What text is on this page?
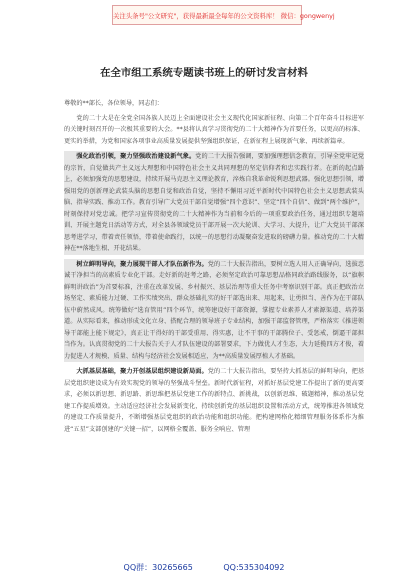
关注头条号"公文研究"，获得最新最全每年的公文资料库！ 微信：gongwenyj
在全市组工系统专题读书班上的研讨发言材料

尊敬的**部长，各位领导，同志们：

党的二十大是在全党全国各族人民迈上全面建设社会主义现代化国家新征程、向第二个百年奋斗目标进军的关键时刻召开的一次极其重要的大会。**县将认真学习贯彻党的二十大精神作为首要任务，以更高的标准、更实的举措，为党和国家各项事业高质量发展提供坚强组织保证，在新征程上展现新气象、再续新篇章。

强化政治引领，聚力坚强政治建设新气象。党的二十大报告强调，要加强理想信念教育，引导全党牢记党的宗旨，自觉做共产主义远大理想和中国特色社会主义共同理想的坚定信仰者和忠实践行者。在新的起点路上，必须加强党的思想建设，持续开展马克思主义理论教育，淬炼自我革命锐利思想武器。强化思想引领，增强用党的创新理论武装头脑的思想自觉和政治自觉，坚持不懈用习近平新时代中国特色社会主义思想武装头脑、指导实践、推动工作。教育引导广大党员干部自觉增强“四个意识”、坚定“四个自信”、做到“两个维护”，时刻保持对党忠诚。把学习宣传贯彻党的二十大精神作为当前和今后的一项重要政治任务，通过组织专题培训、开展主题党日活动等方式，对全县各领域党员干部开展一次大轮训、大学习、大提升，让广大党员干部深思考进学习，带着责任领悟，带着使命践行，以统一的思想行动凝聚奋发进取的磅礴力量。推动党的二十大精神在**落地生根、开花结果。

树立鲜明导向，聚力展现干部人才队伍新作为。党的二十大报告指出，要树立选人用人正确导向，选拔忠诚干净担当的高素质专业化干部。走好新的赶考之路，必须坚定政治可靠思想品格同政治路线服务，以“旗帜鲜明讲政治”为首要标准，注重在改革发展、乡村振兴、基层治理等重大任务中考察识别干部。真正把政治立场坚定、素质能力过硬、工作实绩突出、群众基础扎实的好干部选出来、用起来，让勇担当、善作为在干部队伍中蔚然成风。统筹做好“选育管用”四个环节，统筹建设好干部资源，掌握专业素养人才素源渠道、培养渠道。从实际看来，推动形成文化立身、搭配合理的领导班子专业结构，加强干部监督管理，严格落实《推进领导干部能上能下规定》，真正让干得好的干部受重用、得实惠，让不干事的干部腾位子、受惩戒，倒逼干部担当作为。认真贯彻党的二十大报告关于人才队伍建设的部署要求，下力做优人才生态，大力延揽四方才俊，着力促进人才规模、质量、结构与经济社会发展相适应，为**高质量发展厚植人才基础。

大抓基层基础，聚力开创基层组织建设新局面。党的二十大报告指出，要坚持大抓基层的鲜明导向，把基层党组织建设成为有效实现党的领导的坚强战斗堡垒。新时代新征程，对抓好基层党建工作提出了新的更高要求，必须以新思想、新思路、新思维把基层党建工作的新特点、新挑战，以创新思维、破题精神，推动基层党建工作提质增效。主动适应经济社会发展新变化，持续创新党的基层组织设置和活动方式，统筹推进各领域党的建设工作质量提升，不断增强基层党组织的政治功能和组织功能。把构建网格化精细管理服务体系作为推进“五星”支部创建的“关键一招”，以网格全覆盖、服务全响应、管理

QQ群：30265665	QQ:535304092
